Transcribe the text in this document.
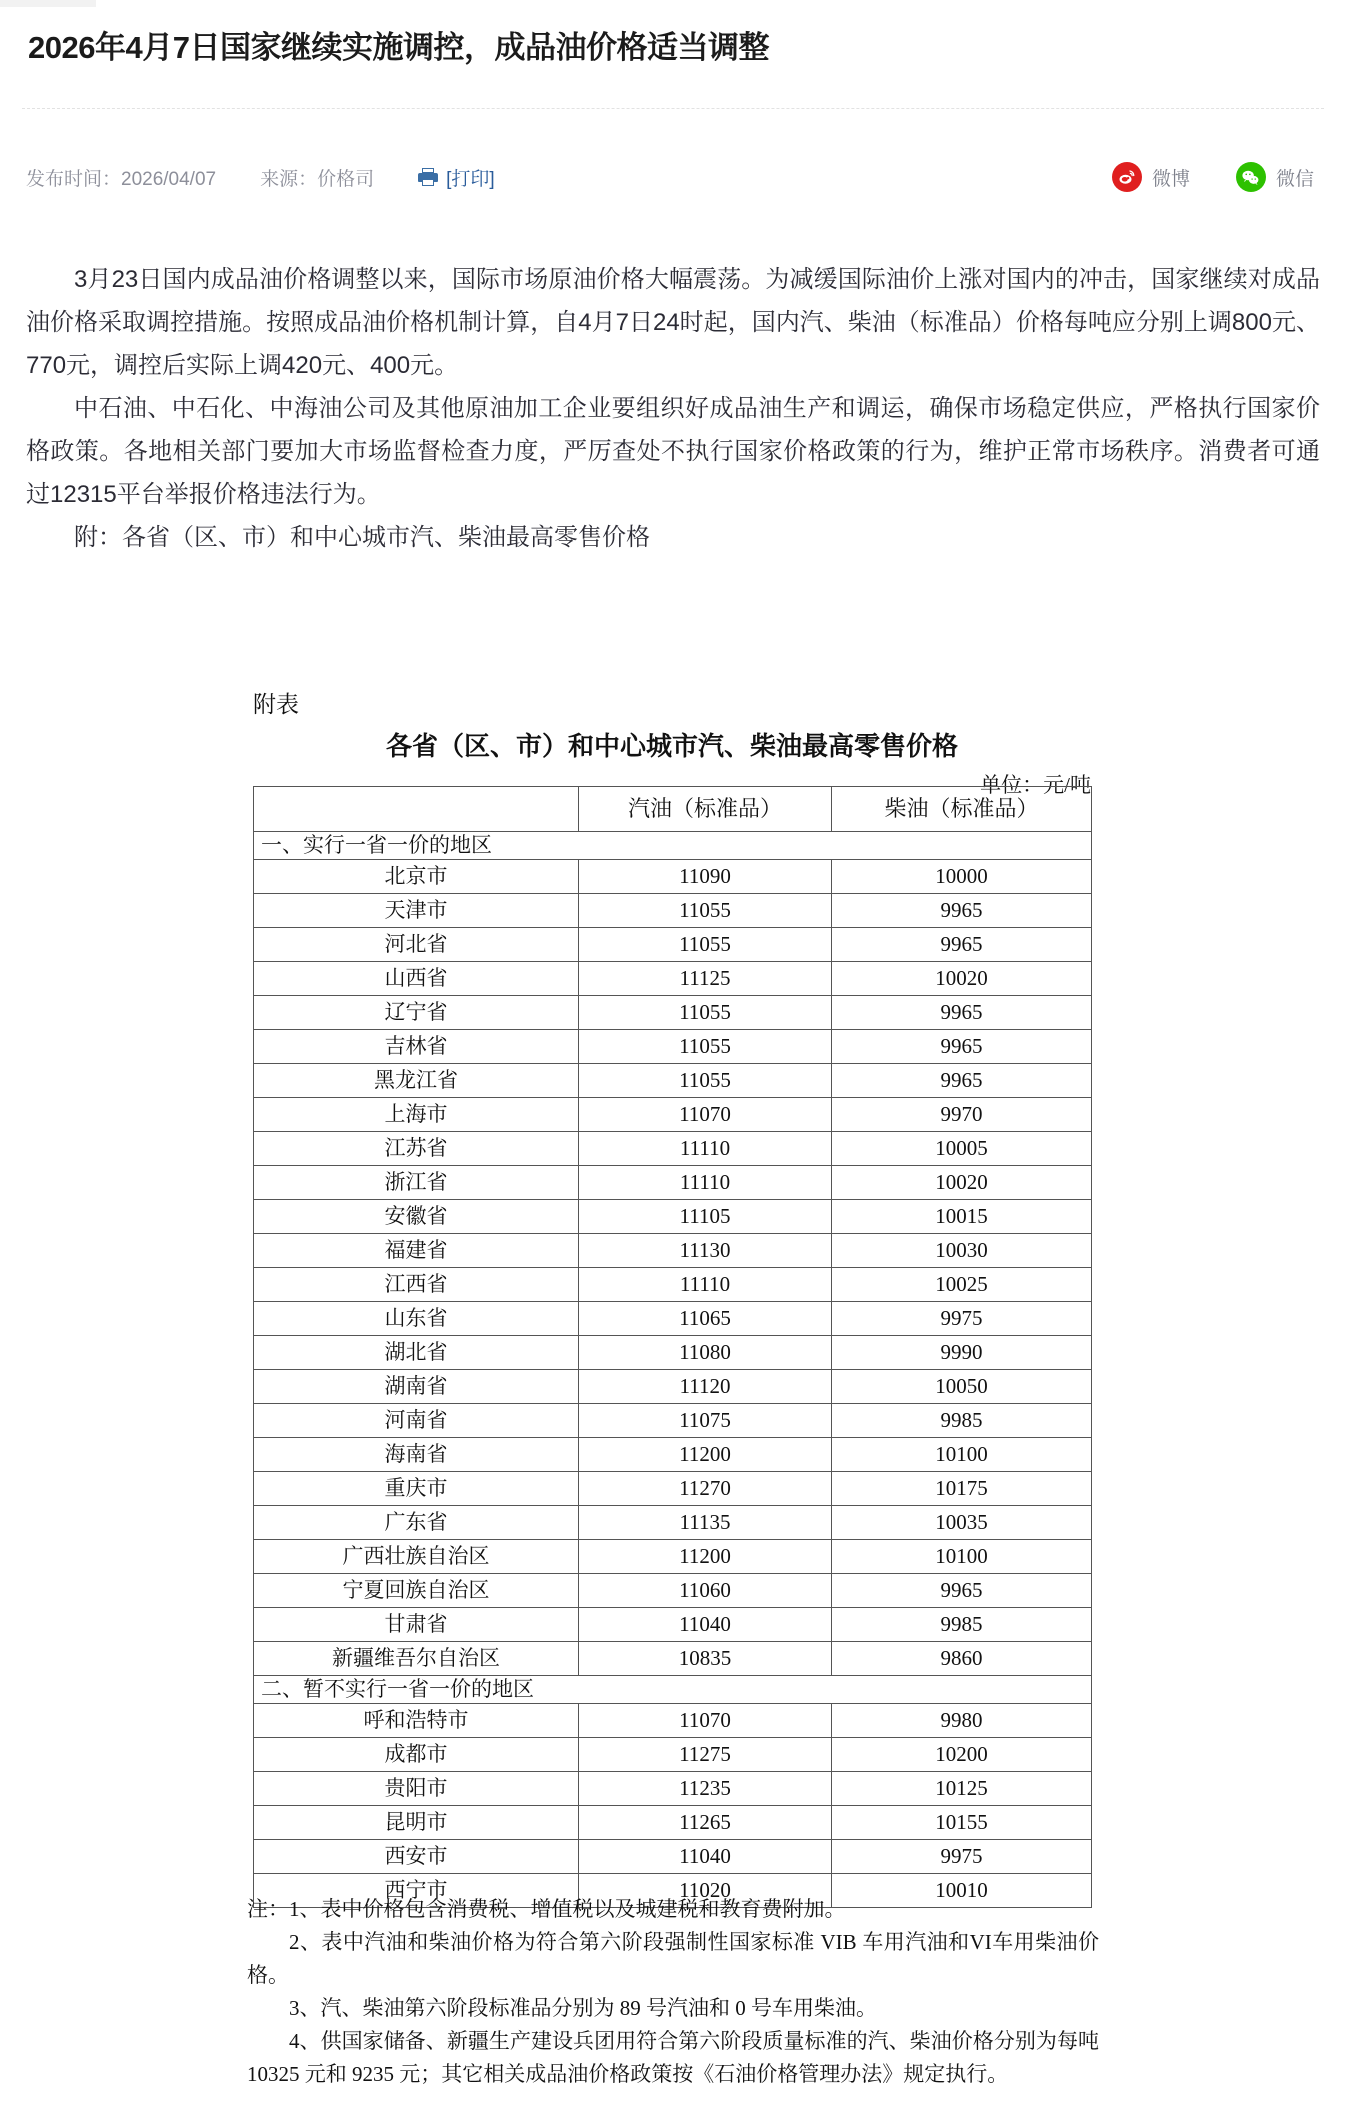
2026年4月7日国家继续实施调控，成品油价格适当调整
发布时间：2026/04/07 来源：价格司	[打印]	微博	微信

3月23日国内成品油价格调整以来，国际市场原油价格大幅震荡。为减缓国际油价上涨对国内的冲击，国家继续对成品油价格采取调控措施。按照成品油价格机制计算，自4月7日24时起，国内汽、柴油（标准品）价格每吨应分别上调800元、770元，调控后实际上调420元、400元。

中石油、中石化、中海油公司及其他原油加工企业要组织好成品油生产和调运，确保市场稳定供应，严格执行国家价格政策。各地相关部门要加大市场监督检查力度，严厉查处不执行国家价格政策的行为，维护正常市场秩序。消费者可通过12315平台举报价格违法行为。

附：各省（区、市）和中心城市汽、柴油最高零售价格

附表
各省（区、市）和中心城市汽、柴油最高零售价格
单位：元/吨
	汽油（标准品）	柴油（标准品）
一、实行一省一价的地区		
北京市	11090	10000
天津市	11055	9965
河北省	11055	9965
山西省	11125	10020
辽宁省	11055	9965
吉林省	11055	9965
黑龙江省	11055	9965
上海市	11070	9970
江苏省	11110	10005
浙江省	11110	10020
安徽省	11105	10015
福建省	11130	10030
江西省	11110	10025
山东省	11065	9975
湖北省	11080	9990
湖南省	11120	10050
河南省	11075	9985
海南省	11200	10100
重庆市	11270	10175
广东省	11135	10035
广西壮族自治区	11200	10100
宁夏回族自治区	11060	9965
甘肃省	11040	9985
新疆维吾尔自治区	10835	9860
二、暂不实行一省一价的地区		
呼和浩特市	11070	9980
成都市	11275	10200
贵阳市	11235	10125
昆明市	11265	10155
西安市	11040	9975
西宁市	11020	10010

注：1、表中价格包含消费税、增值税以及城建税和教育费附加。

2、表中汽油和柴油价格为符合第六阶段强制性国家标准 VIB 车用汽油和VI车用柴油价格。

3、汽、柴油第六阶段标准品分别为 89 号汽油和 0 号车用柴油。

4、供国家储备、新疆生产建设兵团用符合第六阶段质量标准的汽、柴油价格分别为每吨 10325 元和 9235 元；其它相关成品油价格政策按《石油价格管理办法》规定执行。
